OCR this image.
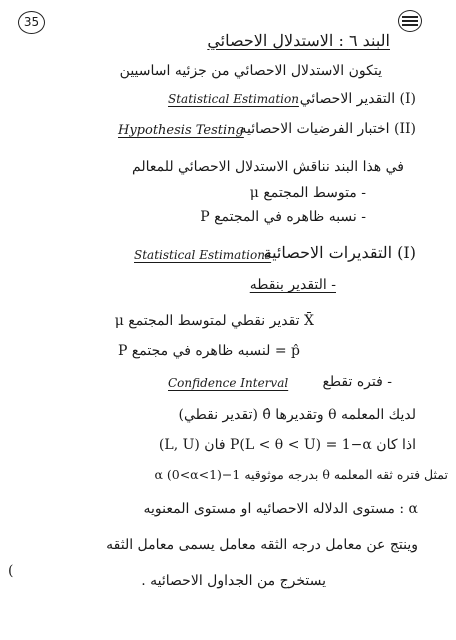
35
البند ٦ : الاستدلال الاحصائي
يتكون الاستدلال الاحصائي من جزئيه اساسيين
(I) التقدير الاحصائي
Statistical Estimation
(II) اختبار الفرضيات الاحصائيه
Hypothesis Testing
في هذا البند نناقش الاستدلال الاحصائي للمعالم
- متوسط المجتمع μ
- نسبه ظاهره في المجتمع P
(I) التقديرات الاحصائية
Statistical Estimations
- التقدير بنقطه
X̄ تقدير نقطي لمتوسط المجتمع μ
p̂ = لنسبه ظاهره في مجتمع P
- فتره تقطع
Confidence Interval
لديك المعلمه θ وتقديرها θ̂ (تقدير نقطي)
اذا كان P(L < θ < U) = 1−α فان (L, U)
تمثل فتره ثقه المعلمه θ بدرجه موثوقيه 1−α (0<α<1)
α : مستوى الدلاله الاحصائيه او مستوى المعنويه
وينتج عن معامل درجه الثقه معامل يسمى معامل الثقه
يستخرج من الجداول الاحصائيه .
(
